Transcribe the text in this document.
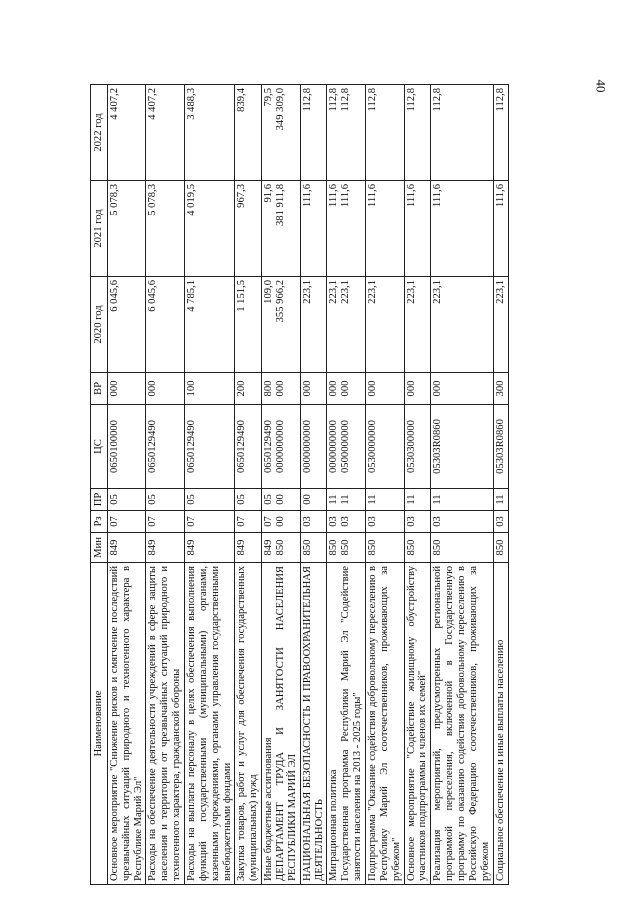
40
Наименование	Мин	Рз	ПР	ЦС	ВР	2020 год	2021 год	2022 год
Основное мероприятие "Снижение рисков и смягчение последствий чрезвычайных ситуаций природного и техногенного характера в Республике Марий Эл"	849	07	05	0650100000	000	6 045,6	5 078,3	4 407,2
Расходы на обеспечение деятельности учреждений в сфере защиты населения и территории от чрезвычайных ситуаций природного и техногенного характера, гражданской обороны	849	07	05	0650129490	000	6 045,6	5 078,3	4 407,2
Расходы на выплаты персоналу в целях обеспечения выполнения функций государственными (муниципальными) органами, казенными учреждениями, органами управления государственными внебюджетными фондами	849	07	05	0650129490	100	4 785,1	4 019,5	3 488,3
Закупка товаров, работ и услуг для обеспечения государственных (муниципальных) нужд	849	07	05	0650129490	200	1 151,5	967,3	839,4

Иные бюджетные ассигнования ДЕПАРТАМЕНТ ТРУДА И ЗАНЯТОСТИ НАСЕЛЕНИЯ РЕСПУБЛИКИ МАРИЙ ЭЛ	849 850	07 00	05 00	0650129490 0000000000	800 000	109,0 355 966,2	91,6 381 911,8	79,5 349 309,0

НАЦИОНАЛЬНАЯ БЕЗОПАСНОСТЬ И ПРАВООХРАНИТЕЛЬНАЯ ДЕЯТЕЛЬНОСТЬ	850	03	00	0000000000	000	223,1	111,6	112,8

Миграционная политика Государственная программа Республики Марий Эл "Содействие занятости населения на 2013 - 2025 годы"	850 850	03 03	11 11	0000000000 0500000000	000 000	223,1 223,1	111,6 111,6	112,8 112,8

Подпрограмма "Оказание содействия добровольному переселению в Республику Марий Эл соотечественников, проживающих за рубежом"	850	03	11	0530000000	000	223,1	111,6	112,8
Основное мероприятие "Содействие жилищному обустройству участников подпрограммы и членов их семей"	850	03	11	0530300000	000	223,1	111,6	112,8
Реализация мероприятий, предусмотренных региональной программой переселения, включенной в Государственную программу по оказанию содействия добровольному переселению в Российскую Федерацию соотечественников, проживающих за рубежом	850	03	11	05303R0860	000	223,1	111,6	112,8
Социальное обеспечение и иные выплаты населению	850	03	11	05303R0860	300	223,1	111,6	112,8
